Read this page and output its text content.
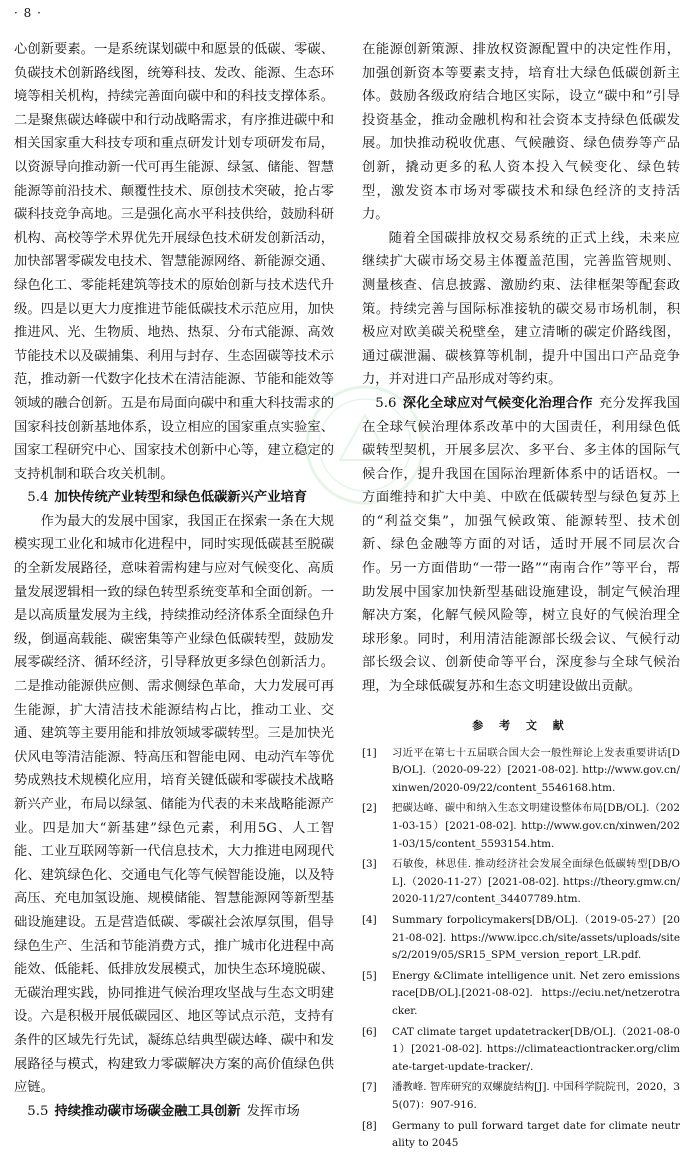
· 8 ·

心创新要素。一是系统谋划碳中和愿景的低碳、零碳、负碳技术创新路线图，统筹科技、发改、能源、生态环境等相关机构，持续完善面向碳中和的科技支撑体系。二是聚焦碳达峰碳中和行动战略需求，有序推进碳中和相关国家重大科技专项和重点研发计划专项研发布局，以资源导向推动新一代可再生能源、绿氢、储能、智慧能源等前沿技术、颠覆性技术、原创技术突破，抢占零碳科技竞争高地。三是强化高水平科技供给，鼓励科研机构、高校等学术界优先开展绿色技术研发创新活动，加快部署零碳发电技术、智慧能源网络、新能源交通、绿色化工、零能耗建筑等技术的原始创新与技术迭代升级。四是以更大力度推进节能低碳技术示范应用，加快推进风、光、生物质、地热、热泵、分布式能源、高效节能技术以及碳捕集、利用与封存、生态固碳等技术示范，推动新一代数字化技术在清洁能源、节能和能效等领域的融合创新。五是布局面向碳中和重大科技需求的国家科技创新基地体系，设立相应的国家重点实验室、国家工程研究中心、国家技术创新中心等，建立稳定的支持机制和联合攻关机制。

5.4 加快传统产业转型和绿色低碳新兴产业培育

作为最大的发展中国家，我国正在探索一条在大规模实现工业化和城市化进程中，同时实现低碳甚至脱碳的全新发展路径，意味着需构建与应对气候变化、高质量发展逻辑相一致的绿色转型系统变革和全面创新。一是以高质量发展为主线，持续推动经济体系全面绿色升级，倒逼高载能、碳密集等产业绿色低碳转型，鼓励发展零碳经济、循环经济，引导释放更多绿色创新活力。二是推动能源供应侧、需求侧绿色革命，大力发展可再生能源，扩大清洁技术能源结构占比，推动工业、交通、建筑等主要用能和排放领域零碳转型。三是加快光伏风电等清洁能源、特高压和智能电网、电动汽车等优势成熟技术规模化应用，培育关键低碳和零碳技术战略新兴产业，布局以绿氢、储能为代表的未来战略能源产业。四是加大“新基建”绿色元素，利用5G、人工智能、工业互联网等新一代信息技术，大力推进电网现代化、建筑绿色化、交通电气化等气候智能设施，以及特高压、充电加氢设施、规模储能、智慧能源网等新型基础设施建设。五是营造低碳、零碳社会浓厚氛围，倡导绿色生产、生活和节能消费方式，推广城市化进程中高能效、低能耗、低排放发展模式，加快生态环境脱碳、无碳治理实践，协同推进气候治理攻坚战与生态文明建设。六是积极开展低碳园区、地区等试点示范，支持有条件的区域先行先试，凝练总结典型碳达峰、碳中和发展路径与模式，构建致力零碳解决方案的高价值绿色供应链。

5.5 持续推动碳市场碳金融工具创新 发挥市场

在能源创新策源、排放权资源配置中的决定性作用，加强创新资本等要素支持，培育壮大绿色低碳创新主体。鼓励各级政府结合地区实际，设立“碳中和”引导投资基金，推动金融机构和社会资本支持绿色低碳发展。加快推动税收优惠、气候融资、绿色债券等产品创新，撬动更多的私人资本投入气候变化、绿色转型，激发资本市场对零碳技术和绿色经济的支持活力。

随着全国碳排放权交易系统的正式上线，未来应继续扩大碳市场交易主体覆盖范围，完善监管规则、测量核查、信息披露、激励约束、法律框架等配套政策。持续完善与国际标准接轨的碳交易市场机制，积极应对欧美碳关税壁垒，建立清晰的碳定价路线图，通过碳泄漏、碳核算等机制，提升中国出口产品竞争力，并对进口产品形成对等约束。

5.6 深化全球应对气候变化治理合作 充分发挥我国在全球气候治理体系改革中的大国责任，利用绿色低碳转型契机，开展多层次、多平台、多主体的国际气候合作，提升我国在国际治理新体系中的话语权。一方面维持和扩大中美、中欧在低碳转型与绿色复苏上的“利益交集”，加强气候政策、能源转型、技术创新、绿色金融等方面的对话，适时开展不同层次合作。另一方面借助“一带一路”“南南合作”等平台，帮助发展中国家加快新型基础设施建设，制定气候治理解决方案，化解气候风险等，树立良好的气候治理全球形象。同时，利用清洁能源部长级会议、气候行动部长级会议、创新使命等平台，深度参与全球气候治理，为全球低碳复苏和生态文明建设做出贡献。

参 考 文 献
[1]	习近平在第七十五届联合国大会一般性辩论上发表重要讲话[DB/OL].（2020-09-22）[2021-08-02]. http://www.gov.cn/xinwen/2020-09/22/content_5546168.htm.
[2]	把碳达峰、碳中和纳入生态文明建设整体布局[DB/OL].（2021-03-15）[2021-08-02]. http://www.gov.cn/xinwen/2021-03/15/content_5593154.htm.
[3]	石敏俊，林思佳. 推动经济社会发展全面绿色低碳转型[DB/OL].（2020-11-27）[2021-08-02]. https://theory.gmw.cn/2020-11/27/content_34407789.htm.
[4]	Summary forpolicymakers[DB/OL].（2019-05-27）[2021-08-02]. https://www.ipcc.ch/site/assets/uploads/sites/2/2019/05/SR15_SPM_version_report_LR.pdf.
[5]	Energy &Climate intelligence unit. Net zero emissions race[DB/OL].[2021-08-02]. https://eciu.net/netzerotracker.
[6]	CAT climate target updatetracker[DB/OL].（2021-08-01）[2021-08-02]. https://climateactiontracker.org/climate-target-update-tracker/.
[7]	潘教峰. 智库研究的双螺旋结构[J]. 中国科学院院刊，2020，35(07)：907-916.
[8]	Germany to pull forward target date for climate neutrality to 2045
